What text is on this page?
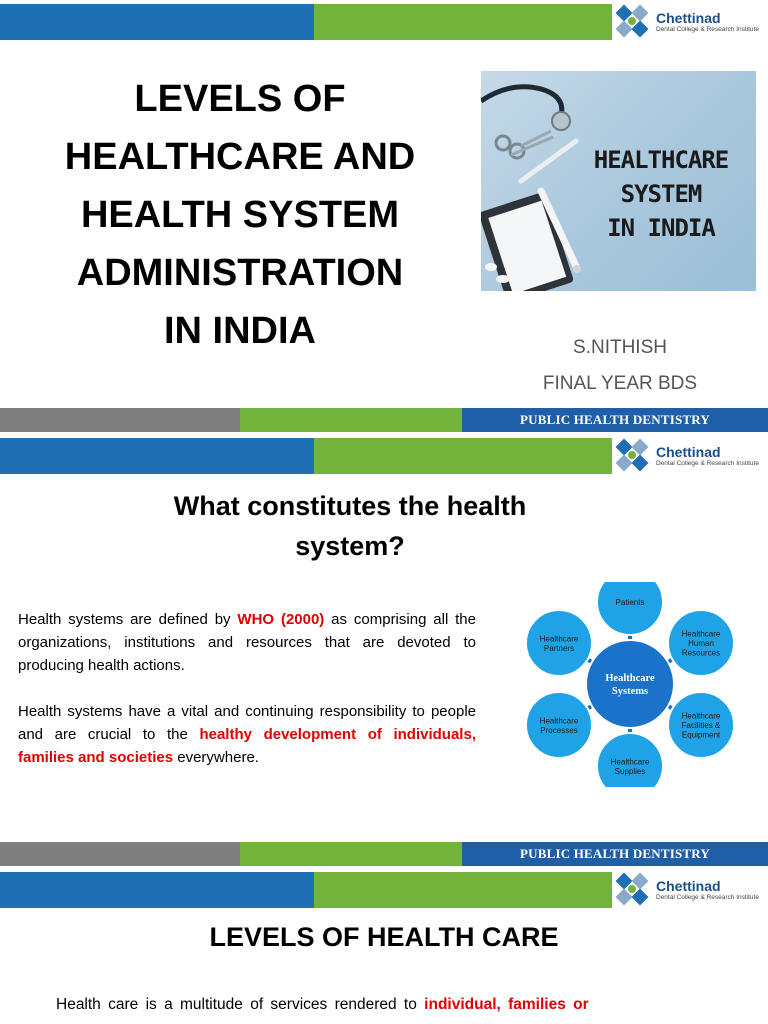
Chettinad
Dental College & Research Institute
LEVELS OF
HEALTHCARE AND
HEALTH SYSTEM
ADMINISTRATION
IN INDIA
HEALTHCARE
SYSTEM
IN INDIA
S.NITHISH
FINAL YEAR BDS
PUBLIC HEALTH DENTISTRY
Chettinad
Dental College & Research Institute
What constitutes the health
system?

Health systems are defined by WHO (2000) as comprising all the organizations, institutions and resources that are devoted to producing health actions.

Health systems have a vital and continuing responsibility to people and are crucial to the healthy development of individuals, families and societies everywhere.

Patients
Healthcare
Human
Resources
Healthcare
Facilities &
Equipment
Healthcare
Supplies
Healthcare
Processes
Healthcare
Partners
Healthcare
Systems
PUBLIC HEALTH DENTISTRY
Chettinad
Dental College & Research Institute
LEVELS OF HEALTH CARE
Health care is a multitude of services rendered to individual, families or
